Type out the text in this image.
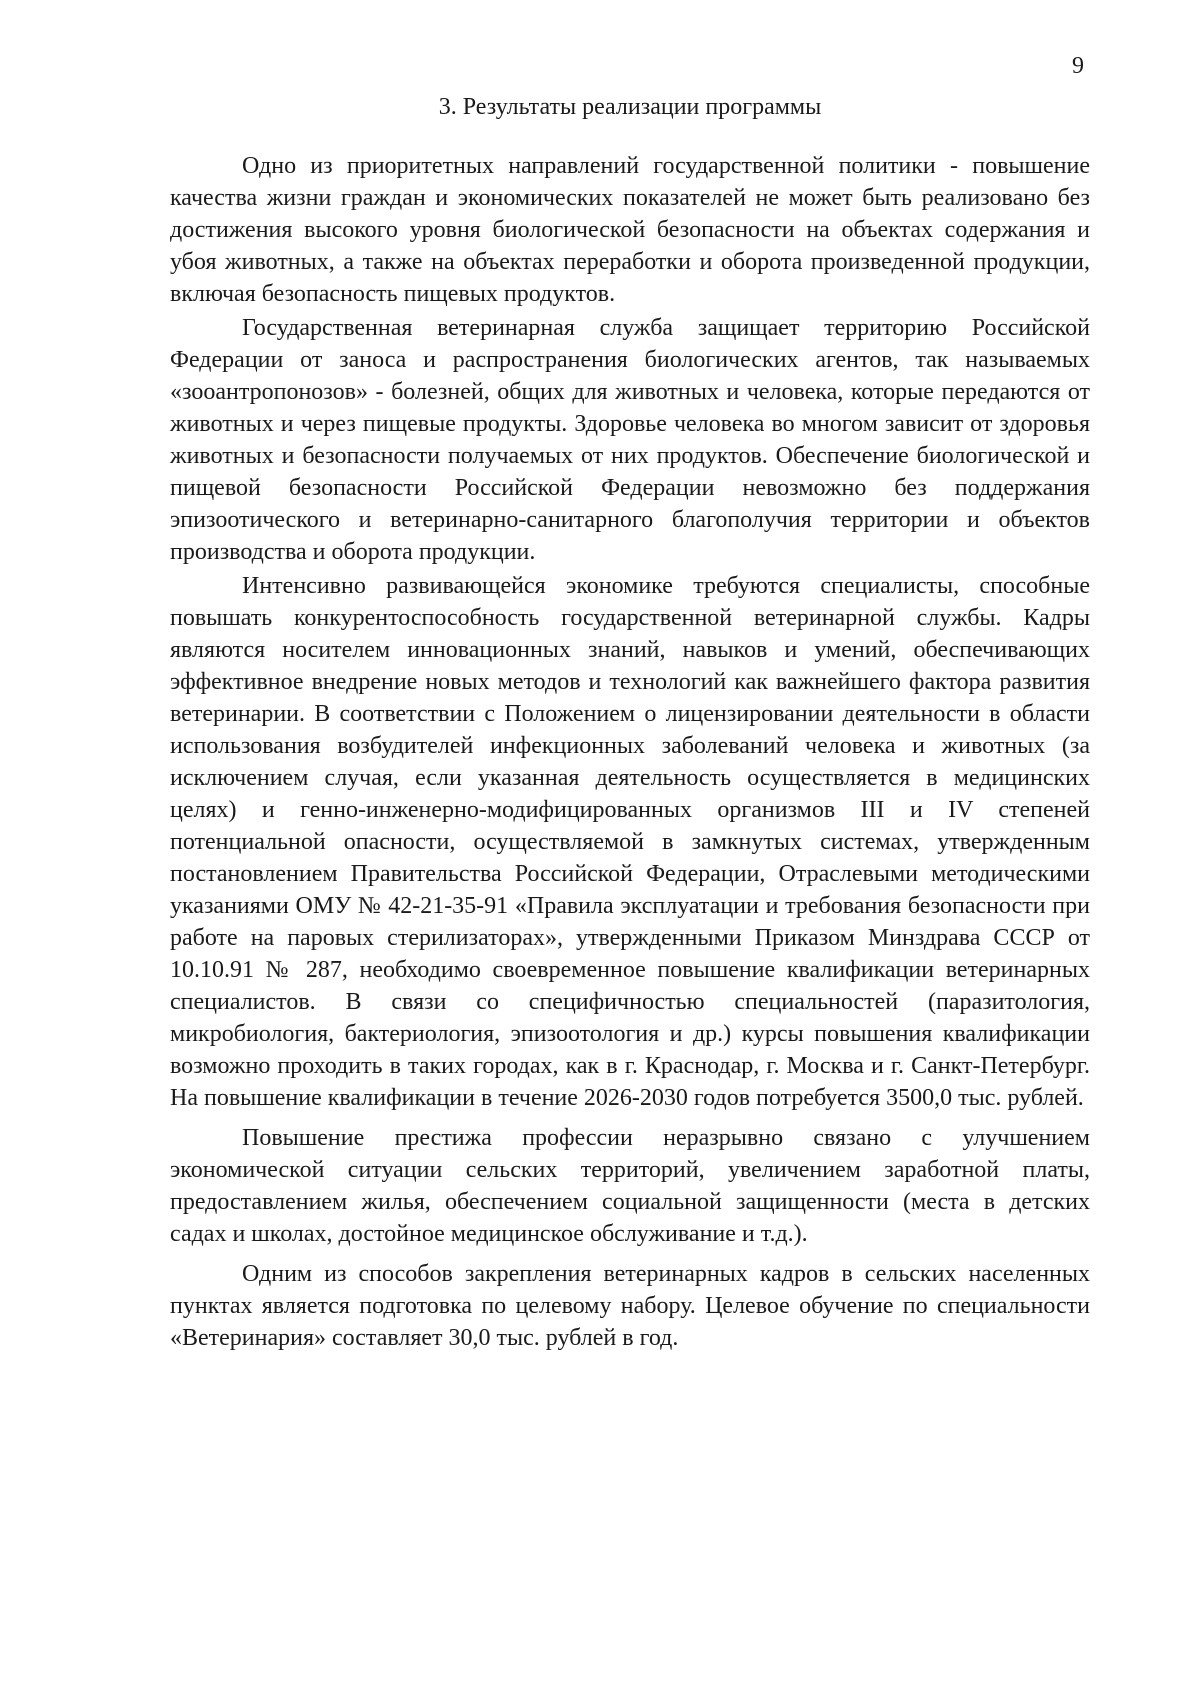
9
3. Результаты реализации программы

Одно из приоритетных направлений государственной политики - повышение качества жизни граждан и экономических показателей не может быть реализовано без достижения высокого уровня биологической безопасности на объектах содержания и убоя животных, а также на объектах переработки и оборота произведенной продукции, включая безопасность пищевых продуктов.

Государственная ветеринарная служба защищает территорию Российской Федерации от заноса и распространения биологических агентов, так называемых «зооантропонозов» - болезней, общих для животных и человека, которые передаются от животных и через пищевые продукты. Здоровье человека во многом зависит от здоровья животных и безопасности получаемых от них продуктов. Обеспечение биологической и пищевой безопасности Российской Федерации невозможно без поддержания эпизоотического и ветеринарно-санитарного благополучия территории и объектов производства и оборота продукции.

Интенсивно развивающейся экономике требуются специалисты, способные повышать конкурентоспособность государственной ветеринарной службы. Кадры являются носителем инновационных знаний, навыков и умений, обеспечивающих эффективное внедрение новых методов и технологий как важнейшего фактора развития ветеринарии. В соответствии с Положением о лицензировании деятельности в области использования возбудителей инфекционных заболеваний человека и животных (за исключением случая, если указанная деятельность осуществляется в медицинских целях) и генно-инженерно-модифицированных организмов III и IV степеней потенциальной опасности, осуществляемой в замкнутых системах, утвержденным постановлением Правительства Российской Федерации, Отраслевыми методическими указаниями ОМУ № 42-21-35-91 «Правила эксплуатации и требования безопасности при работе на паровых стерилизаторах», утвержденными Приказом Минздрава СССР от 10.10.91 № 287, необходимо своевременное повышение квалификации ветеринарных специалистов. В связи со специфичностью специальностей (паразитология, микробиология, бактериология, эпизоотология и др.) курсы повышения квалификации возможно проходить в таких городах, как в г. Краснодар, г. Москва и г. Санкт-Петербург. На повышение квалификации в течение 2026-2030 годов потребуется 3500,0 тыс. рублей.

Повышение престижа профессии неразрывно связано с улучшением экономической ситуации сельских территорий, увеличением заработной платы, предоставлением жилья, обеспечением социальной защищенности (места в детских садах и школах, достойное медицинское обслуживание и т.д.).

Одним из способов закрепления ветеринарных кадров в сельских населенных пунктах является подготовка по целевому набору. Целевое обучение по специальности «Ветеринария» составляет 30,0 тыс. рублей в год.
